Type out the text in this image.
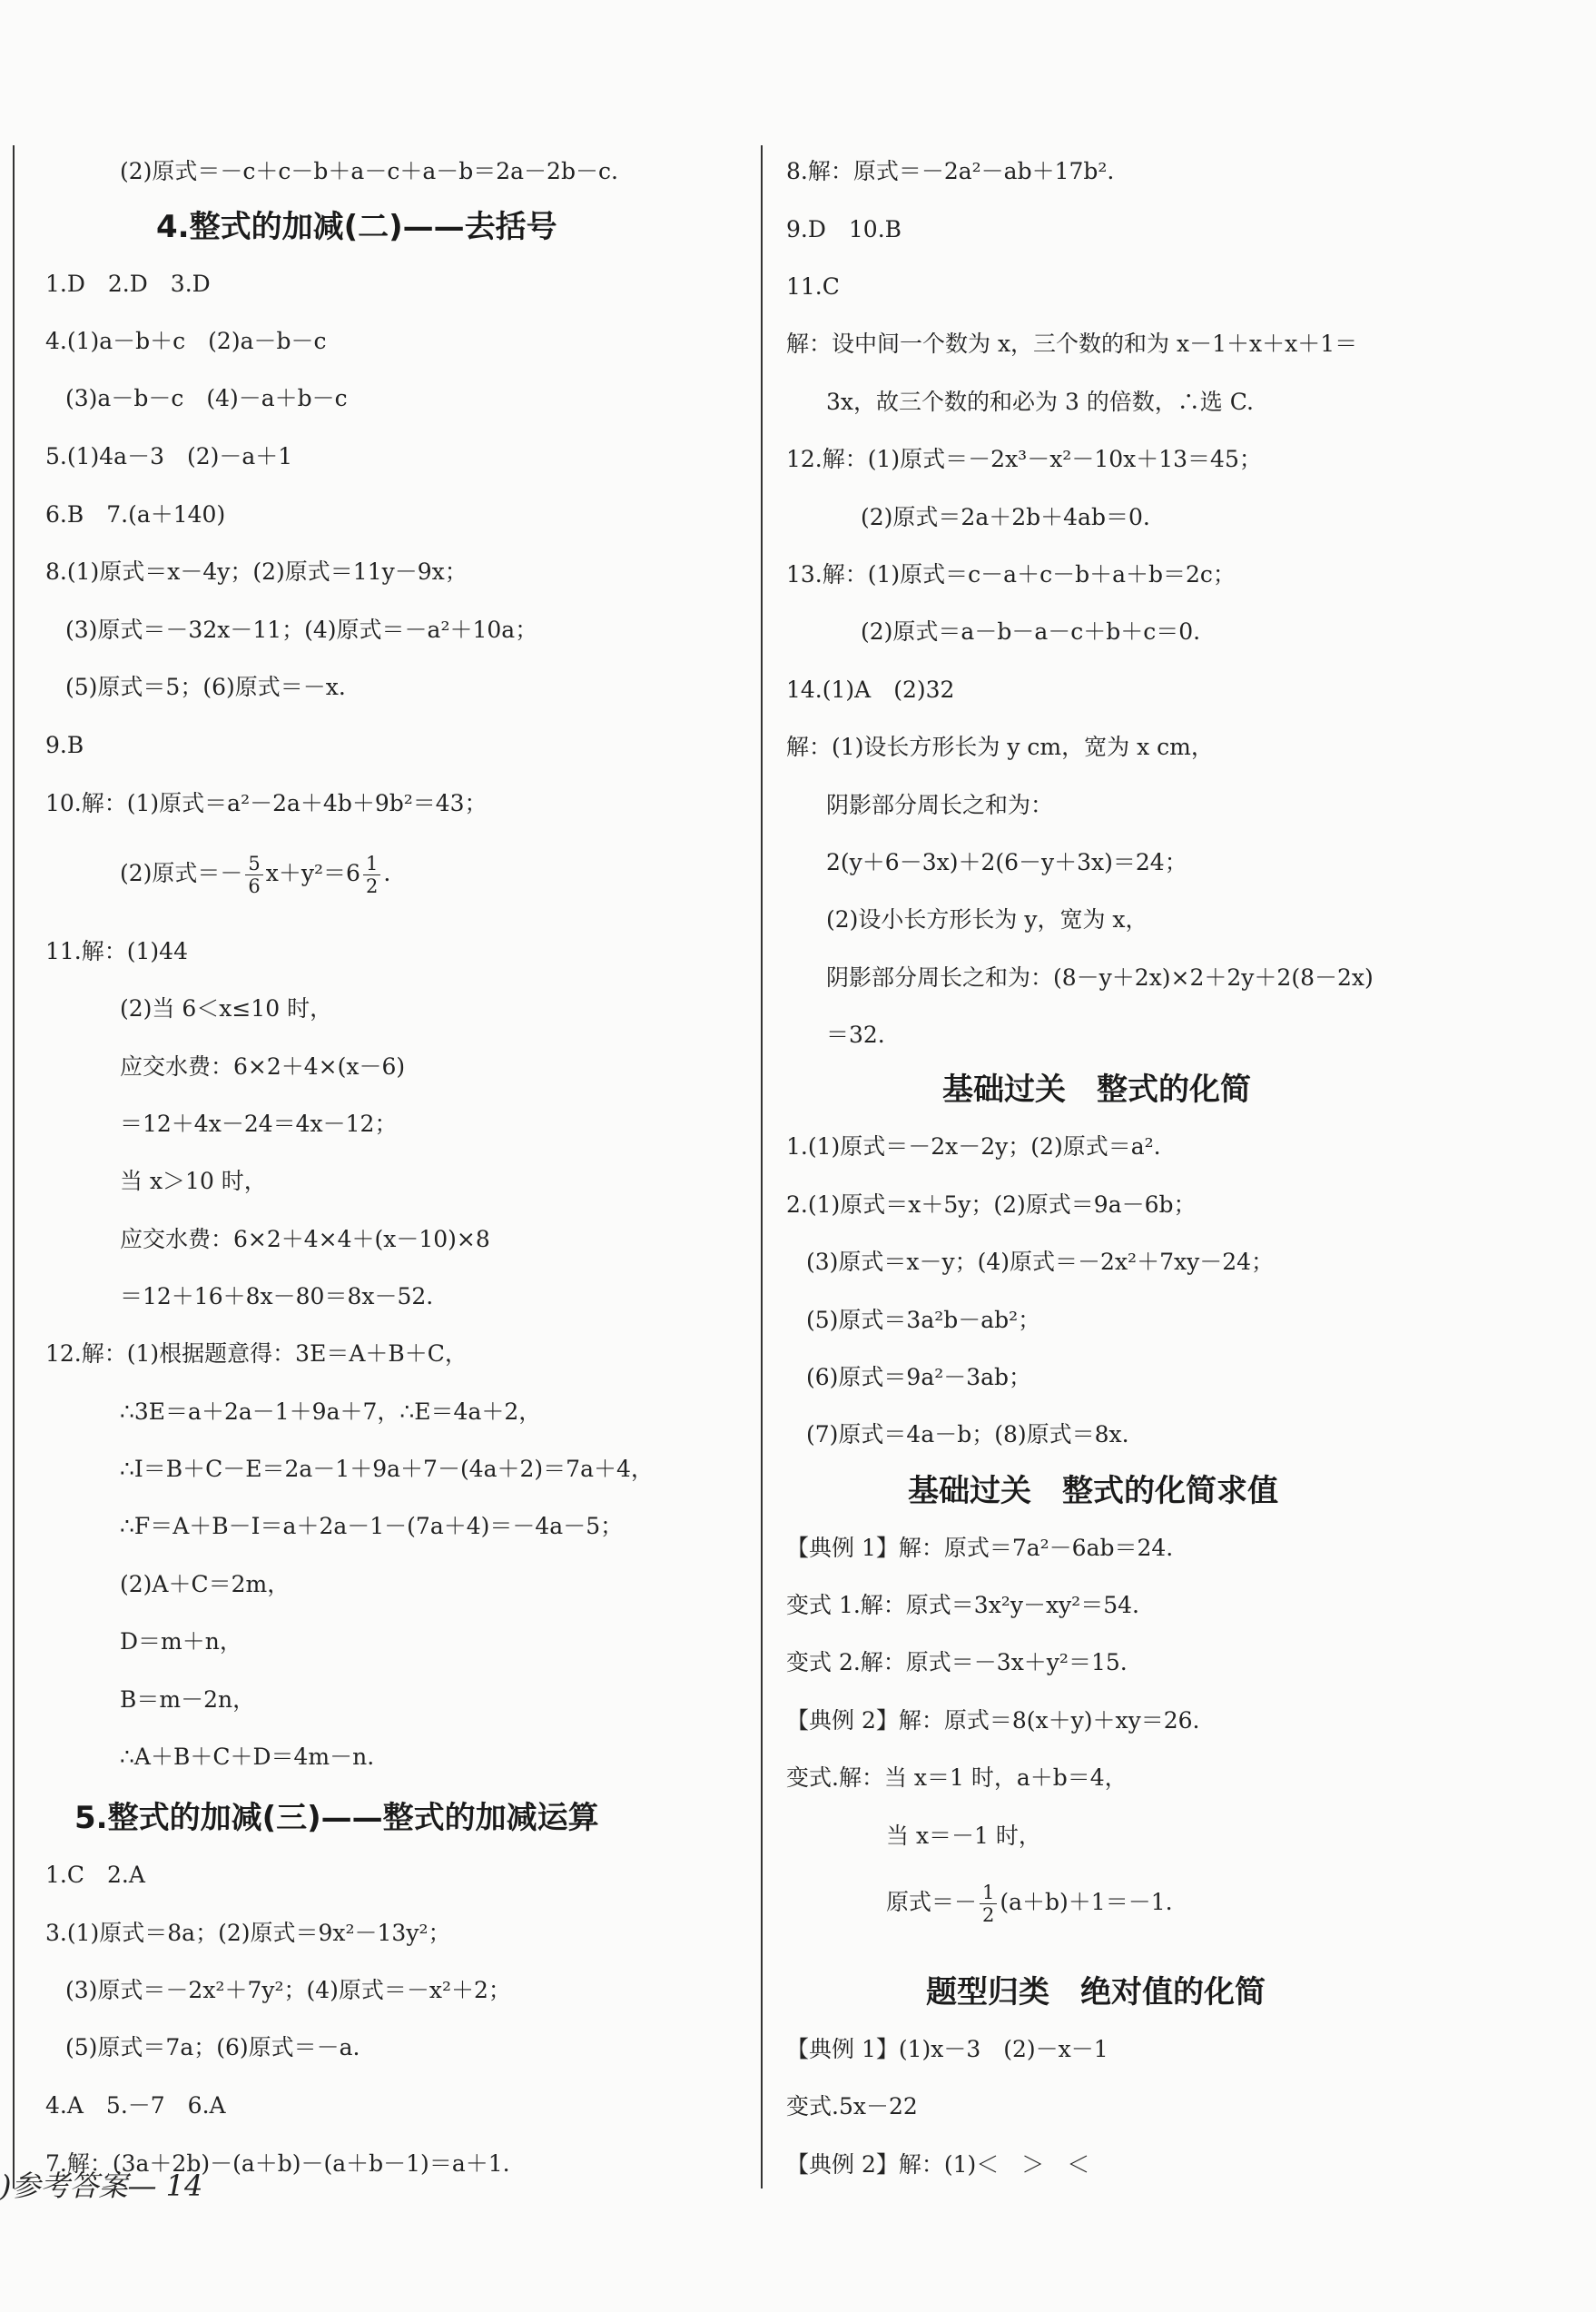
(2)原式＝－c＋c－b＋a－c＋a－b＝2a－2b－c.
4.整式的加减(二)——去括号
1.D　2.D　3.D
4.(1)a－b＋c　(2)a－b－c
(3)a－b－c　(4)－a＋b－c
5.(1)4a－3　(2)－a＋1
6.B　7.(a＋140)
8.(1)原式＝x－4y；(2)原式＝11y－9x；
(3)原式＝－32x－11；(4)原式＝－a²＋10a；
(5)原式＝5；(6)原式＝－x.
9.B
10.解：(1)原式＝a²－2a＋4b＋9b²＝43；
(2)原式＝－ $\frac{5}{6} x+y^2=6 \frac{1}{2}$ .
11.解：(1)44
(2)当 6＜x≤10 时，
应交水费：6×2＋4×(x－6)
＝12＋4x－24＝4x－12；
当 x＞10 时，
应交水费：6×2＋4×4＋(x－10)×8
＝12＋16＋8x－80＝8x－52.
12.解：(1)根据题意得：3E＝A＋B＋C，
∴3E＝a＋2a－1＋9a＋7，∴E＝4a＋2，
∴I＝B＋C－E＝2a－1＋9a＋7－(4a＋2)＝7a＋4，
∴F＝A＋B－I＝a＋2a－1－(7a＋4)＝－4a－5；
(2)A＋C＝2m，
D＝m＋n，
B＝m－2n，
∴A＋B＋C＋D＝4m－n.
5.整式的加减(三)——整式的加减运算
1.C　2.A
3.(1)原式＝8a；(2)原式＝9x²－13y²；
(3)原式＝－2x²＋7y²；(4)原式＝－x²＋2；
(5)原式＝7a；(6)原式＝－a.
4.A　5.－7　6.A
7.解：(3a＋2b)－(a＋b)－(a＋b－1)＝a＋1.
8.解：原式＝－2a²－ab＋17b².
9.D　10.B
11.C
解：设中间一个数为 x，三个数的和为 x－1＋x＋x＋1＝
3x，故三个数的和必为 3 的倍数，∴选 C.
12.解：(1)原式＝－2x³－x²－10x＋13＝45；
(2)原式＝2a＋2b＋4ab＝0.
13.解：(1)原式＝c－a＋c－b＋a＋b＝2c；
(2)原式＝a－b－a－c＋b＋c＝0.
14.(1)A　(2)32
解：(1)设长方形长为 y cm，宽为 x cm，
阴影部分周长之和为：
2(y＋6－3x)＋2(6－y＋3x)＝24；
(2)设小长方形长为 y，宽为 x，
阴影部分周长之和为：(8－y＋2x)×2＋2y＋2(8－2x)
＝32.
基础过关　整式的化简
1.(1)原式＝－2x－2y；(2)原式＝a².
2.(1)原式＝x＋5y；(2)原式＝9a－6b；
(3)原式＝x－y；(4)原式＝－2x²＋7xy－24；
(5)原式＝3a²b－ab²；
(6)原式＝9a²－3ab；
(7)原式＝4a－b；(8)原式＝8x.
基础过关　整式的化简求值
【典例 1】解：原式＝7a²－6ab＝24.
变式 1.解：原式＝3x²y－xy²＝54.
变式 2.解：原式＝－3x＋y²＝15.
【典例 2】解：原式＝8(x＋y)＋xy＝26.
变式.解：当 x＝1 时，a＋b＝4，
当 x＝－1 时，
原式＝－ $\frac{1}{2} (a+b)+1=-1$.
题型归类　绝对值的化简
【典例 1】(1)x－3　(2)－x－1
变式.5x－22
【典例 2】解：(1)＜　＞　＜
)参考答案— 14
